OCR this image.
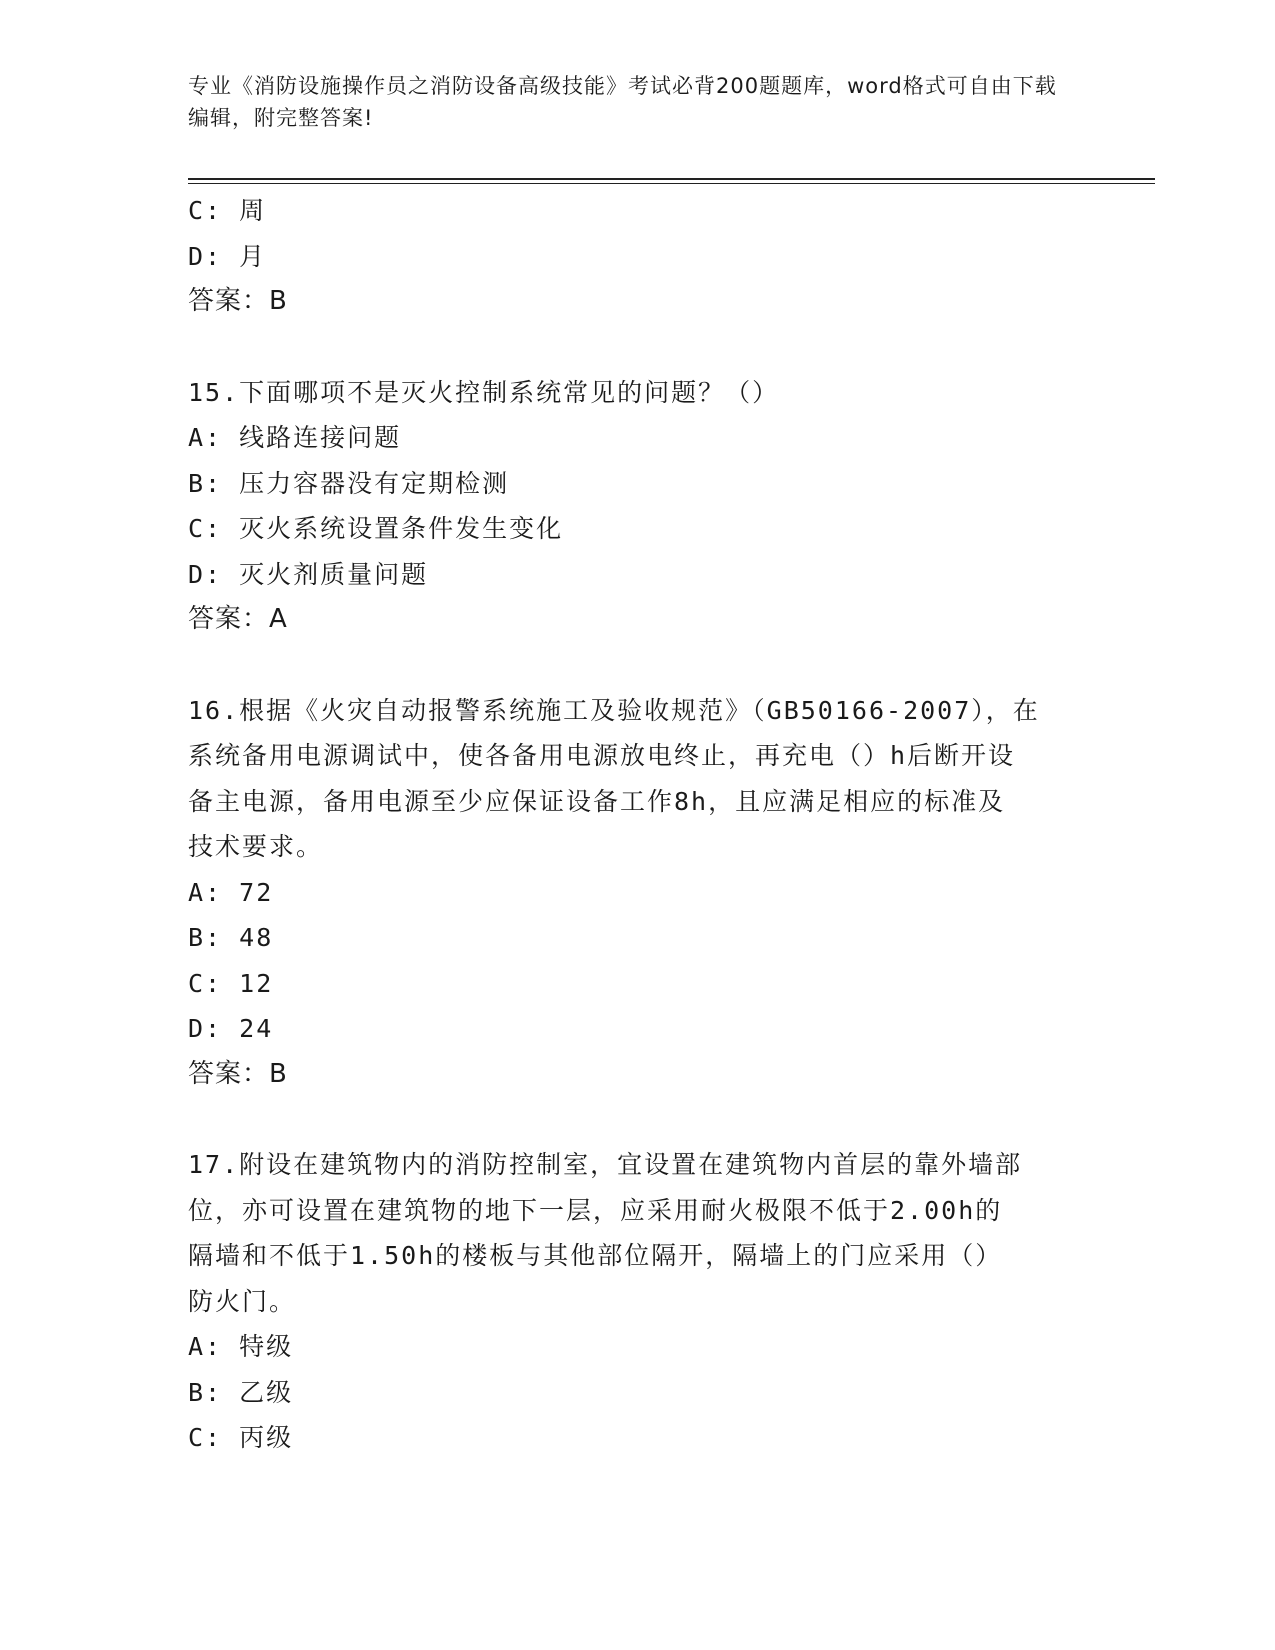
专业《消防设施操作员之消防设备高级技能》考试必背200题题库，word格式可自由下载编辑，附完整答案!
C: 周
D: 月
答案：B
15.下面哪项不是灭火控制系统常见的问题？（）
A: 线路连接问题
B: 压力容器没有定期检测
C: 灭火系统设置条件发生变化
D: 灭火剂质量问题
答案：A
16.根据《火灾自动报警系统施工及验收规范》（GB50166-2007），在
系统备用电源调试中，使各备用电源放电终止，再充电（）h后断开设
备主电源，备用电源至少应保证设备工作8h，且应满足相应的标准及
技术要求。
A: 72
B: 48
C: 12
D: 24
答案：B
17.附设在建筑物内的消防控制室，宜设置在建筑物内首层的靠外墙部
位，亦可设置在建筑物的地下一层，应采用耐火极限不低于2.00h的
隔墙和不低于1.50h的楼板与其他部位隔开，隔墙上的门应采用（）
防火门。
A: 特级
B: 乙级
C: 丙级
